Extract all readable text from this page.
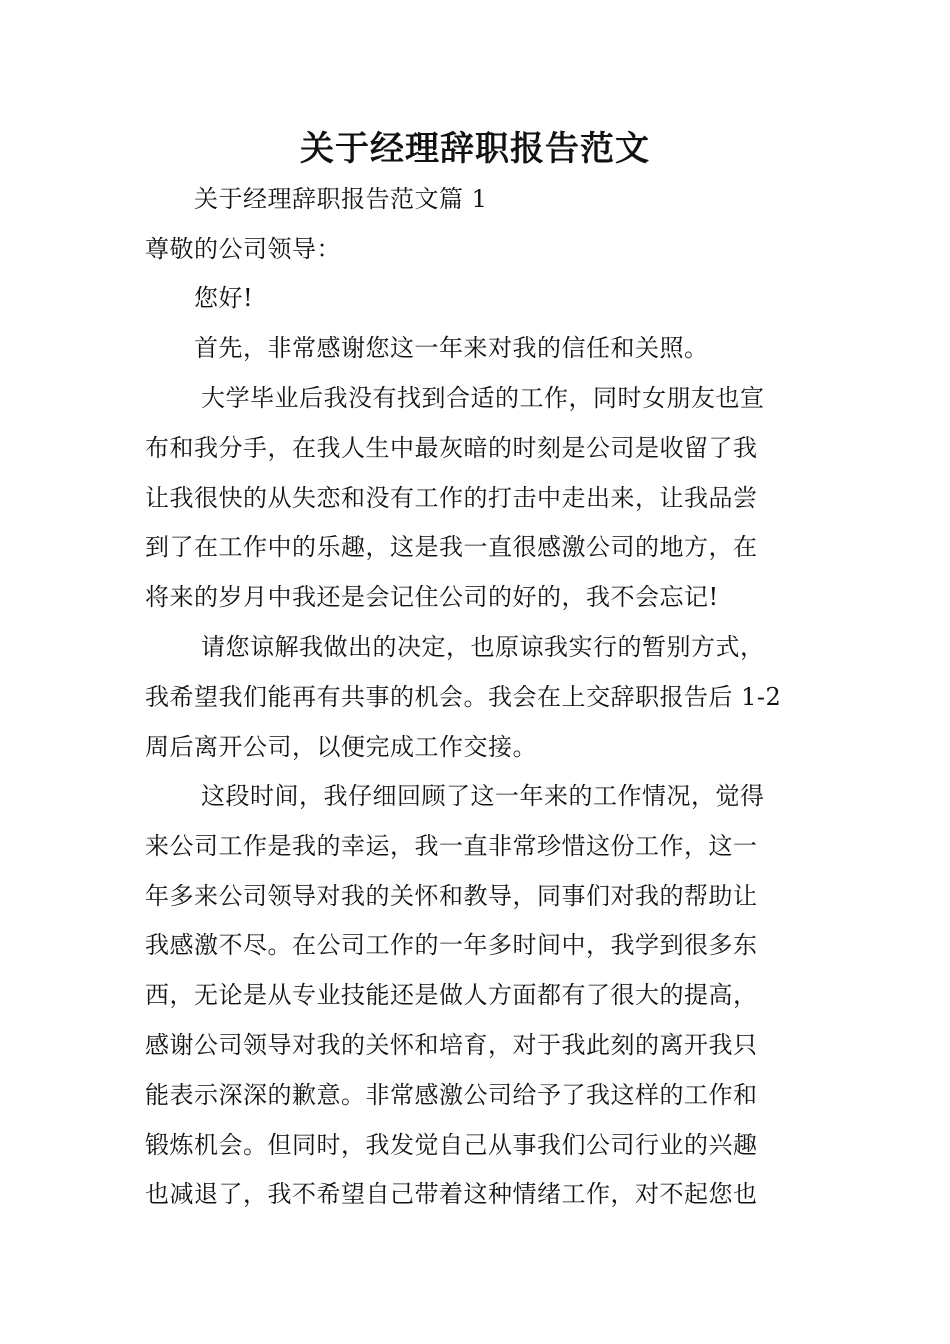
关于经理辞职报告范文
关于经理辞职报告范文篇 1
尊敬的公司领导：
您好!
首先，非常感谢您这一年来对我的信任和关照。
大学毕业后我没有找到合适的工作，同时女朋友也宣
布和我分手，在我人生中最灰暗的时刻是公司是收留了我
让我很快的从失恋和没有工作的打击中走出来，让我品尝
到了在工作中的乐趣，这是我一直很感激公司的地方，在
将来的岁月中我还是会记住公司的好的，我不会忘记!
请您谅解我做出的决定，也原谅我实行的暂别方式，
我希望我们能再有共事的机会。我会在上交辞职报告后 1-2
周后离开公司，以便完成工作交接。
这段时间，我仔细回顾了这一年来的工作情况，觉得
来公司工作是我的幸运，我一直非常珍惜这份工作，这一
年多来公司领导对我的关怀和教导，同事们对我的帮助让
我感激不尽。在公司工作的一年多时间中，我学到很多东
西，无论是从专业技能还是做人方面都有了很大的提高，
感谢公司领导对我的关怀和培育，对于我此刻的离开我只
能表示深深的歉意。非常感激公司给予了我这样的工作和
锻炼机会。但同时，我发觉自己从事我们公司行业的兴趣
也减退了，我不希望自己带着这种情绪工作，对不起您也
